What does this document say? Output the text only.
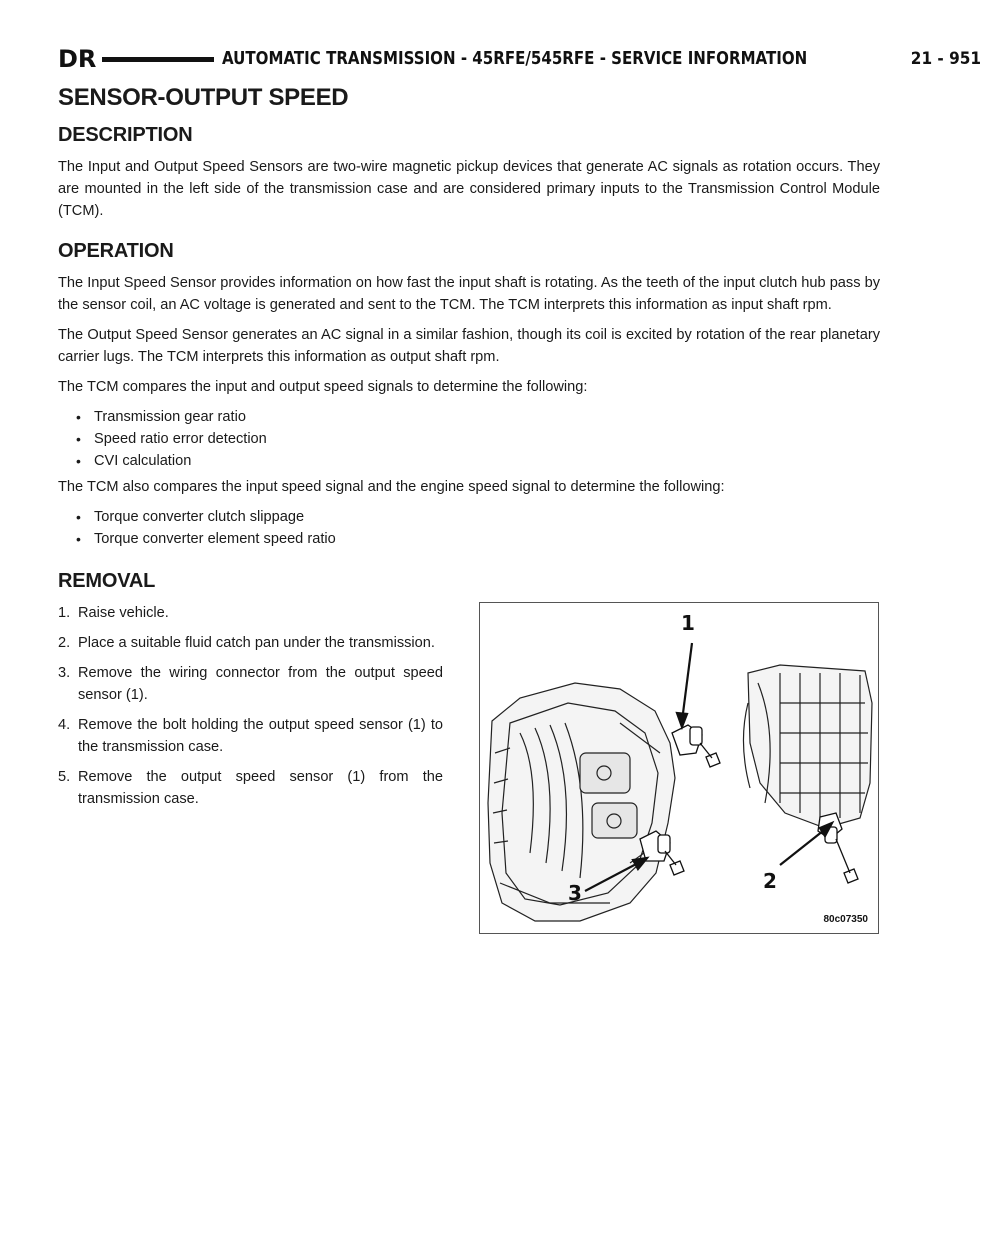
DR	AUTOMATIC TRANSMISSION - 45RFE/545RFE - SERVICE INFORMATION	21 - 951
SENSOR-OUTPUT SPEED
DESCRIPTION

The Input and Output Speed Sensors are two-wire magnetic pickup devices that generate AC signals as rotation occurs. They are mounted in the left side of the transmission case and are considered primary inputs to the Transmission Control Module (TCM).

OPERATION

The Input Speed Sensor provides information on how fast the input shaft is rotating. As the teeth of the input clutch hub pass by the sensor coil, an AC voltage is generated and sent to the TCM. The TCM interprets this information as input shaft rpm.

The Output Speed Sensor generates an AC signal in a similar fashion, though its coil is excited by rotation of the rear planetary carrier lugs. The TCM interprets this information as output shaft rpm.

The TCM compares the input and output speed signals to determine the following:

• Transmission gear ratio
• Speed ratio error detection
• CVI calculation

The TCM also compares the input speed signal and the engine speed signal to determine the following:

• Torque converter clutch slippage
• Torque converter element speed ratio
REMOVAL
1. Raise vehicle.
2. Place a suitable fluid catch pan under the transmission.
3. Remove the wiring connector from the output speed sensor (1).
4. Remove the bolt holding the output speed sensor (1) to the transmission case.
5. Remove the output speed sensor (1) from the transmission case.
1
2
3
80c07350
